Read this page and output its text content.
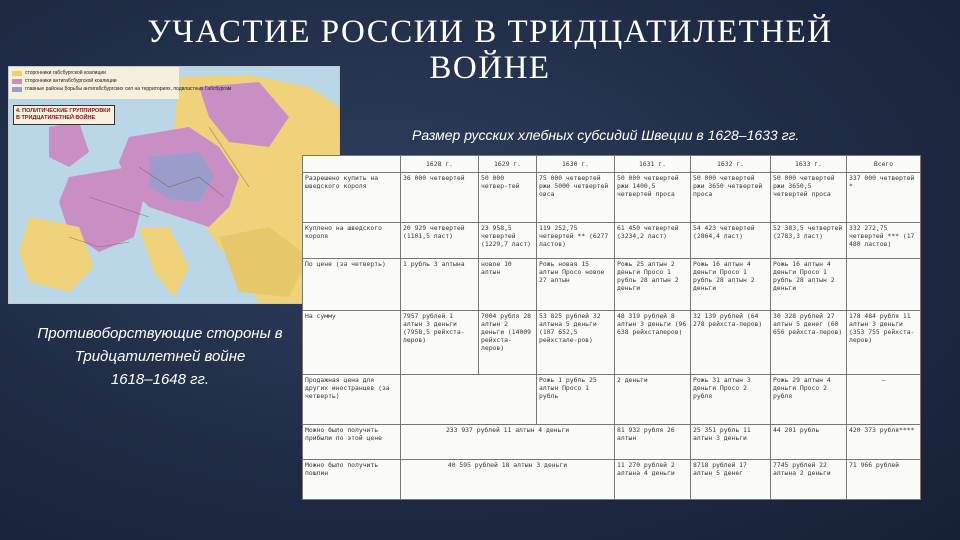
УЧАСТИЕ РОССИИ В ТРИДЦАТИЛЕТНЕЙ
ВОЙНЕ
сторонники габсбургской коалиции
сторонники антигабсбургской коалиции
главные районы борьбы антигабсбургских сил на территориях, подвластных Габсбургам
4. ПОЛИТИЧЕСКИЕ ГРУППИРОВКИ В ТРИДЦАТИЛЕТНЕЙ ВОЙНЕ
Противоборствующие стороны в
Тридцатилетней войне
1618–1648 гг.
Размер русских хлебных субсидий Швеции в 1628–1633 гг.
	1628 г.	1629 г.	1630 г.	1631 г.	1632 г.	1633 г.	Всего
Разрешено купить на шведского короля	36 000 четвертей	50 000 четвер-тей	75 000 четвертей ржи 5000 четвертей овса	50 000 четвертей ржи 1400,5 четвертей проса	50 000 четвертей ржи 3650 четвертей проса	50 000 четвертей ржи 3650,5 четвертей проса	337 000 четвертей *
Куплено на шведского короля	20 929 четвертей (1101,5 ласт)	23 958,5 четвертей (1229,7 ласт)	119 252,75 четвертей ** (6277 ластов)	61 450 четвертей (3234,2 ласт)	54 423 четвертей (2864,4 ласт)	52 383,5 четвертей (2783,3 ласт)	332 272,75 четвертей *** (17 480 ластов)
По цене (за четверть)	1 рубль 3 алтына	новое 10 алтын	Рожь новая 15 алтын Просо новое 27 алтын	Рожь 25 алтын 2 деньги Просо 1 рубль 28 алтын 2 деньги	Рожь 16 алтын 4 деньги Просо 1 рубль 28 алтын 2 деньги	Рожь 16 алтын 4 деньги Просо 1 рубль 28 алтын 2 деньги	
На сумму	7957 рублей 1 алтын 3 деньги (7958,5 рейхста-леров)	7004 рубля 28 алтын 2 деньги (14009 рейхста-леров)	53 825 рублей 32 алтына 5 деньги (107 652,5 рейхстале-ров)	48 319 рублей 8 алтын 3 деньги (96 638 рейхсталеров)	32 139 рублей (64 278 рейхста-леров)	30 328 рублей 27 алтын 5 денег (60 656 рейхста-леров)	178 484 рубля 11 алтын 3 деньги (353 755 рейхста-леров)
Продажная цена для других иностранцев (за четверть)			Рожь 1 рубль 25 алтын Просо 1 рубль	2 деньги	Рожь 31 алтын 3 деньги Просо 2 рубля	Рожь 29 алтын 4 деньги Просо 2 рубля	—
Можно было получить прибыли по этой цене	233 937 рублей 11 алтын 4 деньги			81 932 рубля 26 алтын	25 351 рубль 11 алтын 3 деньги	44 201 рубль	420 373 рубля****
Можно было получить пошлин	40 595 рублей 18 алтын 3 деньги			11 270 рублей 2 алтына 4 деньги	8718 рублей 17 алтын 5 денег	7745 рублей 22 алтына 2 деньги	71 966 рублей
